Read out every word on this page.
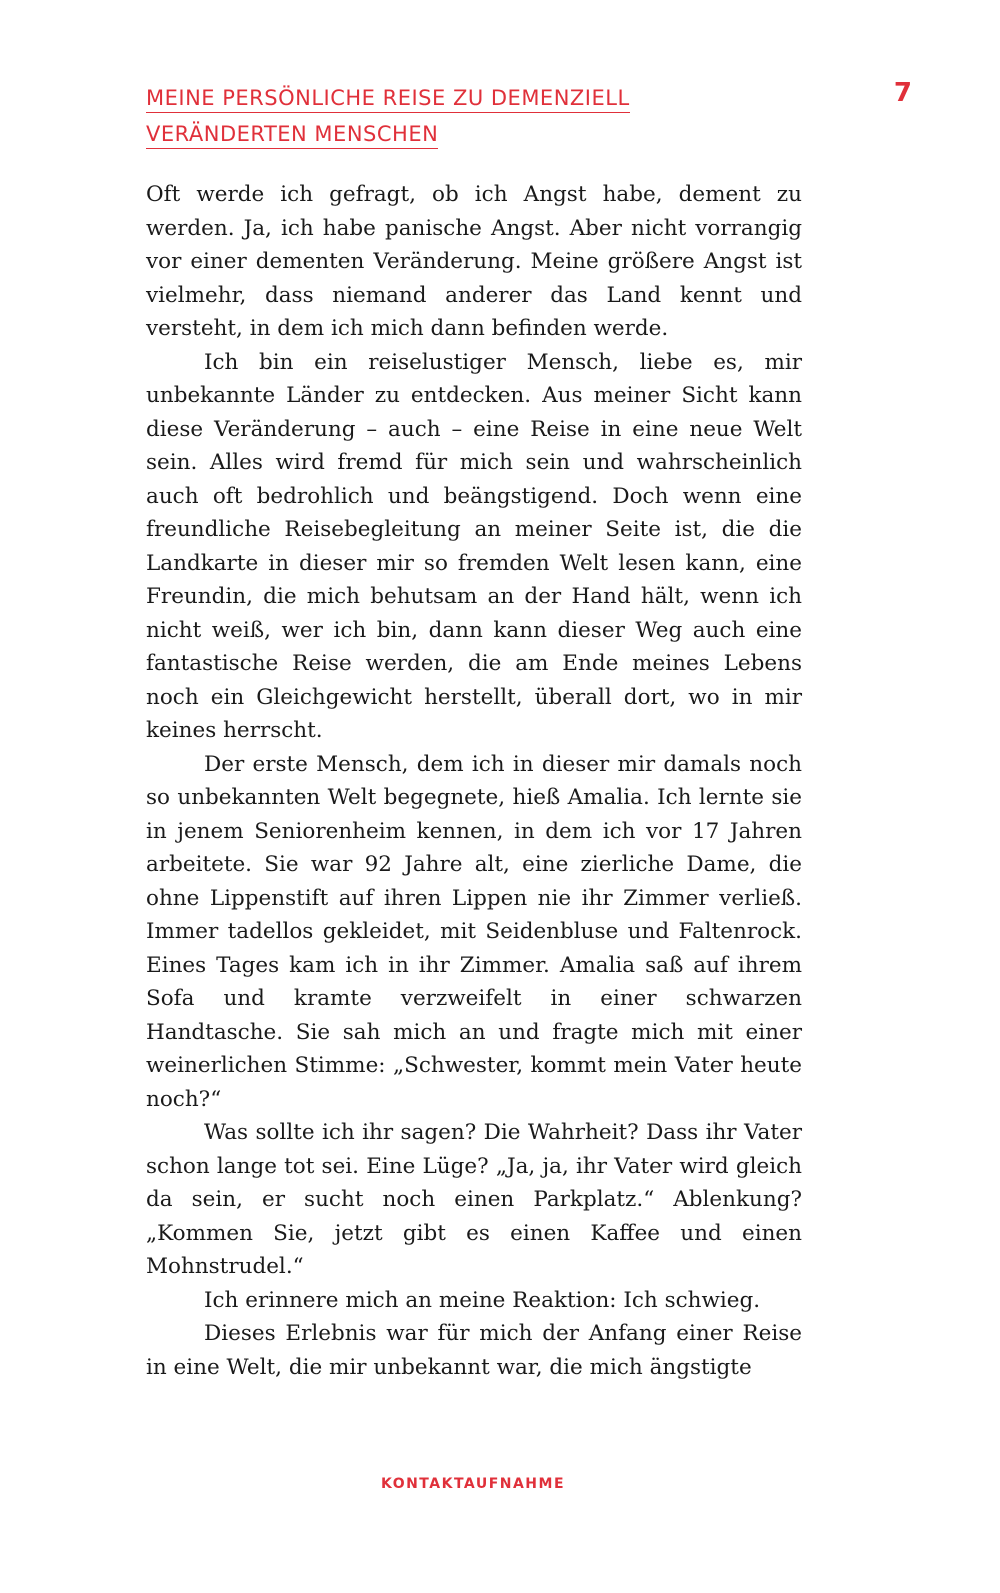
MEINE PERSÖNLICHE REISE ZU DEMENZIELL
VERÄNDERTEN MENSCHEN
7

Oft werde ich gefragt, ob ich Angst habe, dement zu werden. Ja, ich habe panische Angst. Aber nicht vorrangig vor einer dementen Veränderung. Meine größere Angst ist vielmehr, dass niemand anderer das Land kennt und versteht, in dem ich mich dann befinden werde.

Ich bin ein reiselustiger Mensch, liebe es, mir unbekannte Länder zu entdecken. Aus meiner Sicht kann diese Veränderung – auch – eine Reise in eine neue Welt sein. Alles wird fremd für mich sein und wahrscheinlich auch oft bedrohlich und beängstigend. Doch wenn eine freundliche Reisebegleitung an meiner Seite ist, die die Landkarte in dieser mir so fremden Welt lesen kann, eine Freundin, die mich behutsam an der Hand hält, wenn ich nicht weiß, wer ich bin, dann kann dieser Weg auch eine fantastische Reise werden, die am Ende meines Lebens noch ein Gleichgewicht herstellt, überall dort, wo in mir keines herrscht.

Der erste Mensch, dem ich in dieser mir damals noch so unbekannten Welt begegnete, hieß Amalia. Ich lernte sie in jenem Seniorenheim kennen, in dem ich vor 17 Jahren arbeitete. Sie war 92 Jahre alt, eine zierliche Dame, die ohne Lippenstift auf ihren Lippen nie ihr Zimmer verließ. Immer tadellos gekleidet, mit Seidenbluse und Faltenrock. Eines Tages kam ich in ihr Zimmer. Amalia saß auf ihrem Sofa und kramte verzweifelt in einer schwarzen Handtasche. Sie sah mich an und fragte mich mit einer weinerlichen Stimme: „Schwester, kommt mein Vater heute noch?“

Was sollte ich ihr sagen? Die Wahrheit? Dass ihr Vater schon lange tot sei. Eine Lüge? „Ja, ja, ihr Vater wird gleich da sein, er sucht noch einen Parkplatz.“ Ablenkung? „Kommen Sie, jetzt gibt es einen Kaffee und einen Mohnstrudel.“

Ich erinnere mich an meine Reaktion: Ich schwieg.

Dieses Erlebnis war für mich der Anfang einer Reise in eine Welt, die mir unbekannt war, die mich ängstigte

KONTAKTAUFNAHME
